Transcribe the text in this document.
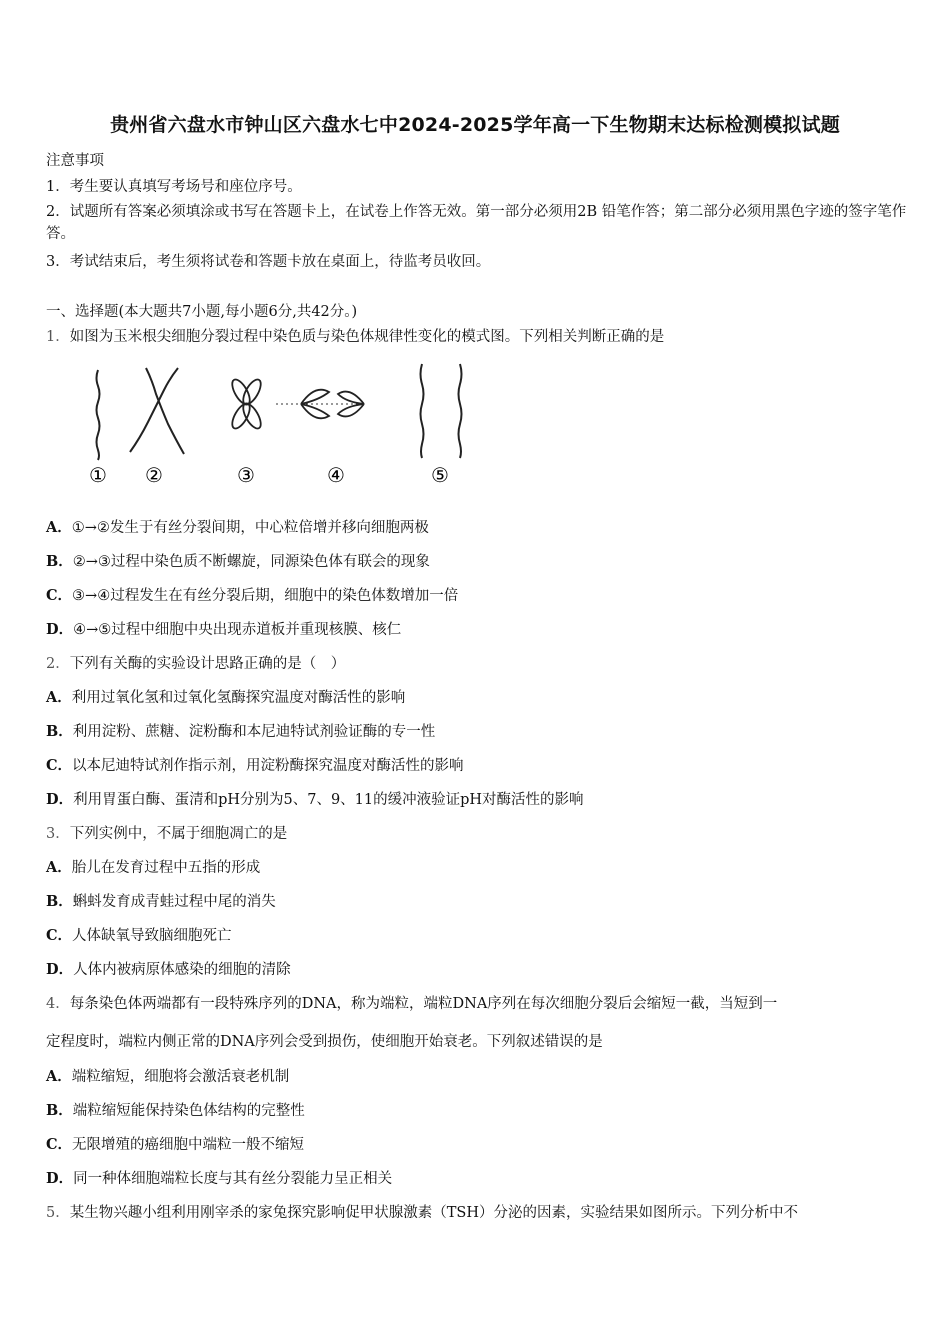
贵州省六盘水市钟山区六盘水七中2024-2025学年高一下生物期末达标检测模拟试题
注意事项
1．考生要认真填写考场号和座位序号。
2．试题所有答案必须填涂或书写在答题卡上，在试卷上作答无效。第一部分必须用2B 铅笔作答；第二部分必须用黑色字迹的签字笔作答。
3．考试结束后，考生须将试卷和答题卡放在桌面上，待监考员收回。
一、选择题(本大题共7小题,每小题6分,共42分。)
1．如图为玉米根尖细胞分裂过程中染色质与染色体规律性变化的模式图。下列相关判断正确的是
① ②	③	④	⑤
A．①→②发生于有丝分裂间期，中心粒倍增并移向细胞两极
B．②→③过程中染色质不断螺旋，同源染色体有联会的现象
C．③→④过程发生在有丝分裂后期，细胞中的染色体数增加一倍
D．④→⑤过程中细胞中央出现赤道板并重现核膜、核仁
2．下列有关酶的实验设计思路正确的是（　）
A．利用过氧化氢和过氧化氢酶探究温度对酶活性的影响
B．利用淀粉、蔗糖、淀粉酶和本尼迪特试剂验证酶的专一性
C．以本尼迪特试剂作指示剂，用淀粉酶探究温度对酶活性的影响
D．利用胃蛋白酶、蛋清和pH分别为5、7、9、11的缓冲液验证pH对酶活性的影响
3．下列实例中，不属于细胞凋亡的是
A．胎儿在发育过程中五指的形成
B．蝌蚪发育成青蛙过程中尾的消失
C．人体缺氧导致脑细胞死亡
D．人体内被病原体感染的细胞的清除
4．每条染色体两端都有一段特殊序列的DNA，称为端粒，端粒DNA序列在每次细胞分裂后会缩短一截，当短到一
定程度时，端粒内侧正常的DNA序列会受到损伤，使细胞开始衰老。下列叙述错误的是
A．端粒缩短，细胞将会激活衰老机制
B．端粒缩短能保持染色体结构的完整性
C．无限增殖的癌细胞中端粒一般不缩短
D．同一种体细胞端粒长度与其有丝分裂能力呈正相关
5．某生物兴趣小组利用刚宰杀的家兔探究影响促甲状腺激素（TSH）分泌的因素，实验结果如图所示。下列分析中不
